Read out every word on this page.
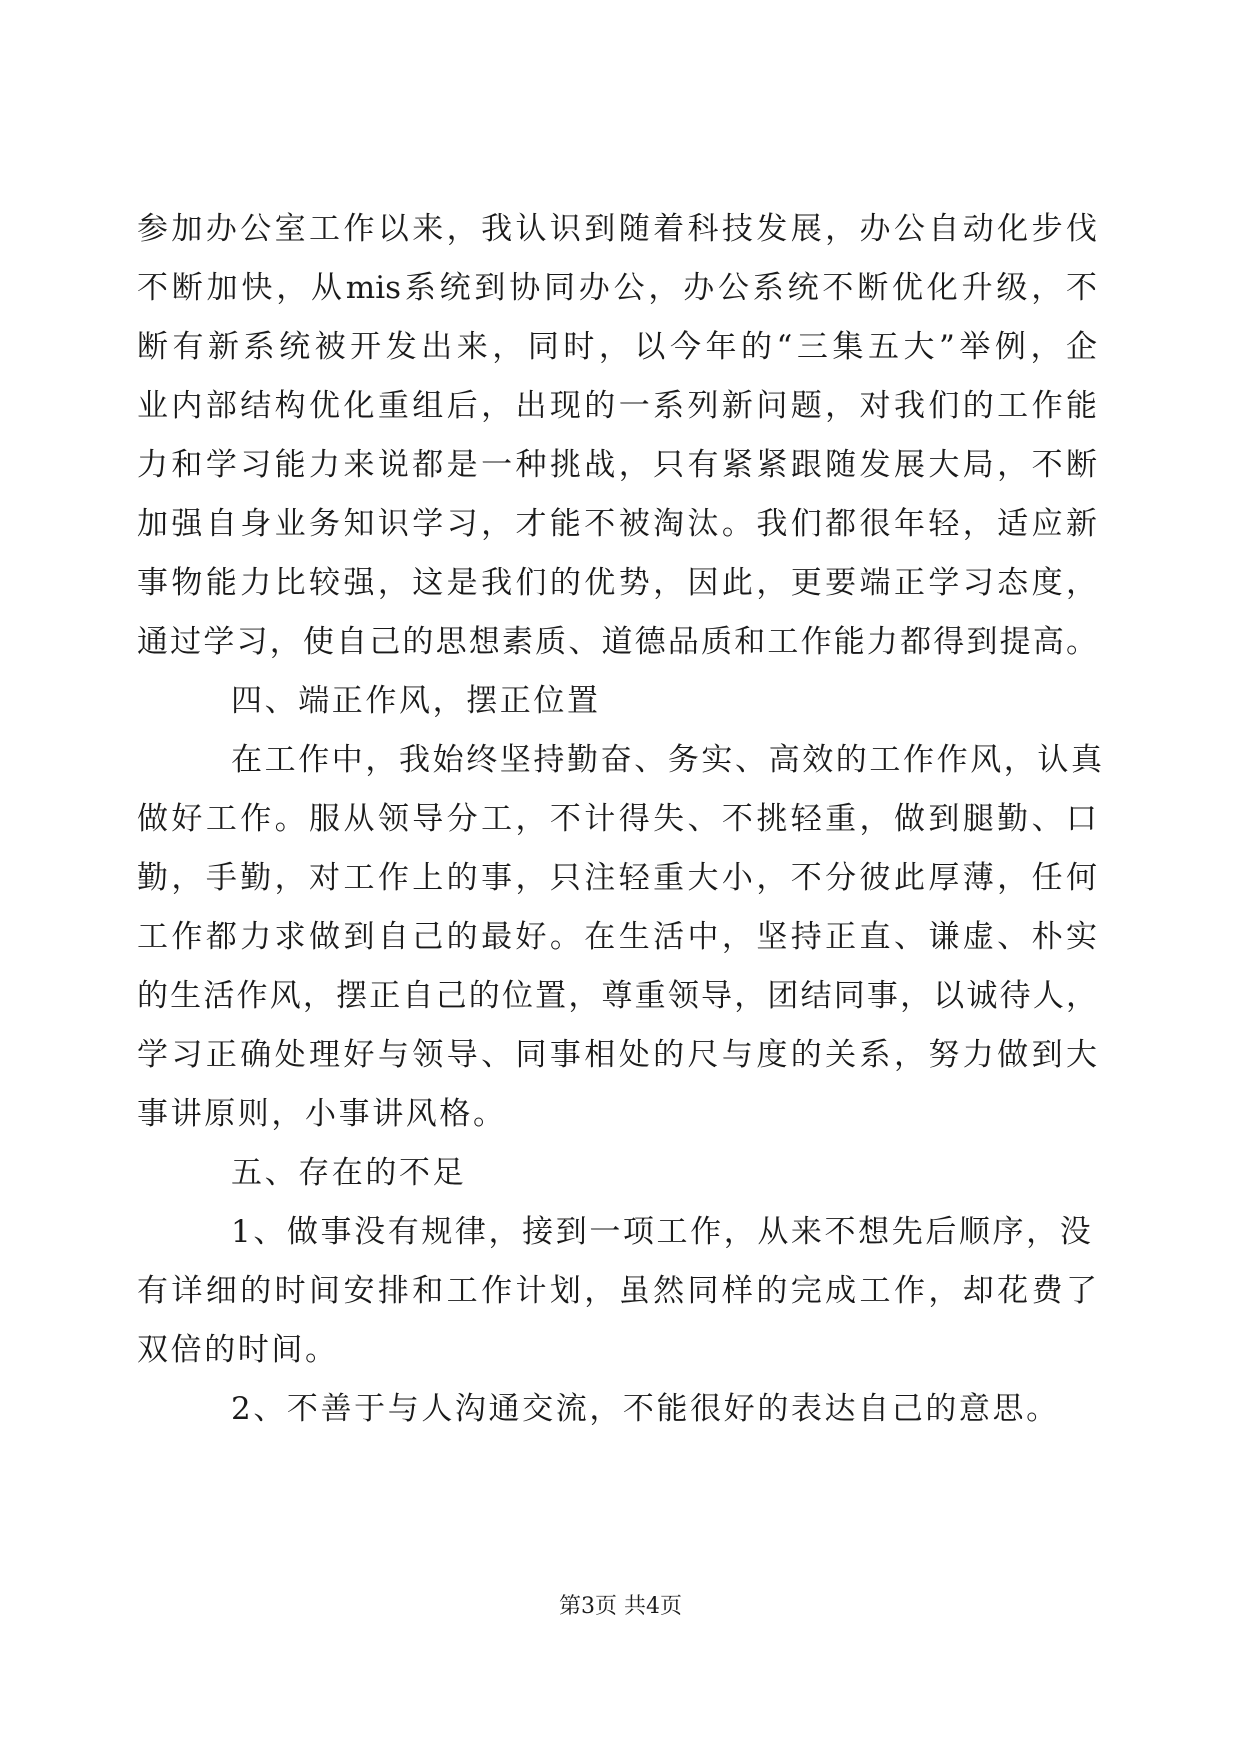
参加办公室工作以来，我认识到随着科技发展，办公自动化步伐
不断加快，从mis系统到协同办公，办公系统不断优化升级，不
断有新系统被开发出来，同时，以今年的“三集五大”举例，企
业内部结构优化重组后，出现的一系列新问题，对我们的工作能
力和学习能力来说都是一种挑战，只有紧紧跟随发展大局，不断
加强自身业务知识学习，才能不被淘汰。我们都很年轻，适应新
事物能力比较强，这是我们的优势，因此，更要端正学习态度，
通过学习，使自己的思想素质、道德品质和工作能力都得到提高。
四、端正作风，摆正位置
在工作中，我始终坚持勤奋、务实、高效的工作作风，认真
做好工作。服从领导分工，不计得失、不挑轻重，做到腿勤、口
勤，手勤，对工作上的事，只注轻重大小，不分彼此厚薄，任何
工作都力求做到自己的最好。在生活中，坚持正直、谦虚、朴实
的生活作风，摆正自己的位置，尊重领导，团结同事，以诚待人，
学习正确处理好与领导、同事相处的尺与度的关系，努力做到大
事讲原则，小事讲风格。
五、存在的不足
1、做事没有规律，接到一项工作，从来不想先后顺序，没
有详细的时间安排和工作计划，虽然同样的完成工作，却花费了
双倍的时间。
2、不善于与人沟通交流，不能很好的表达自己的意思。
第3页 共4页
